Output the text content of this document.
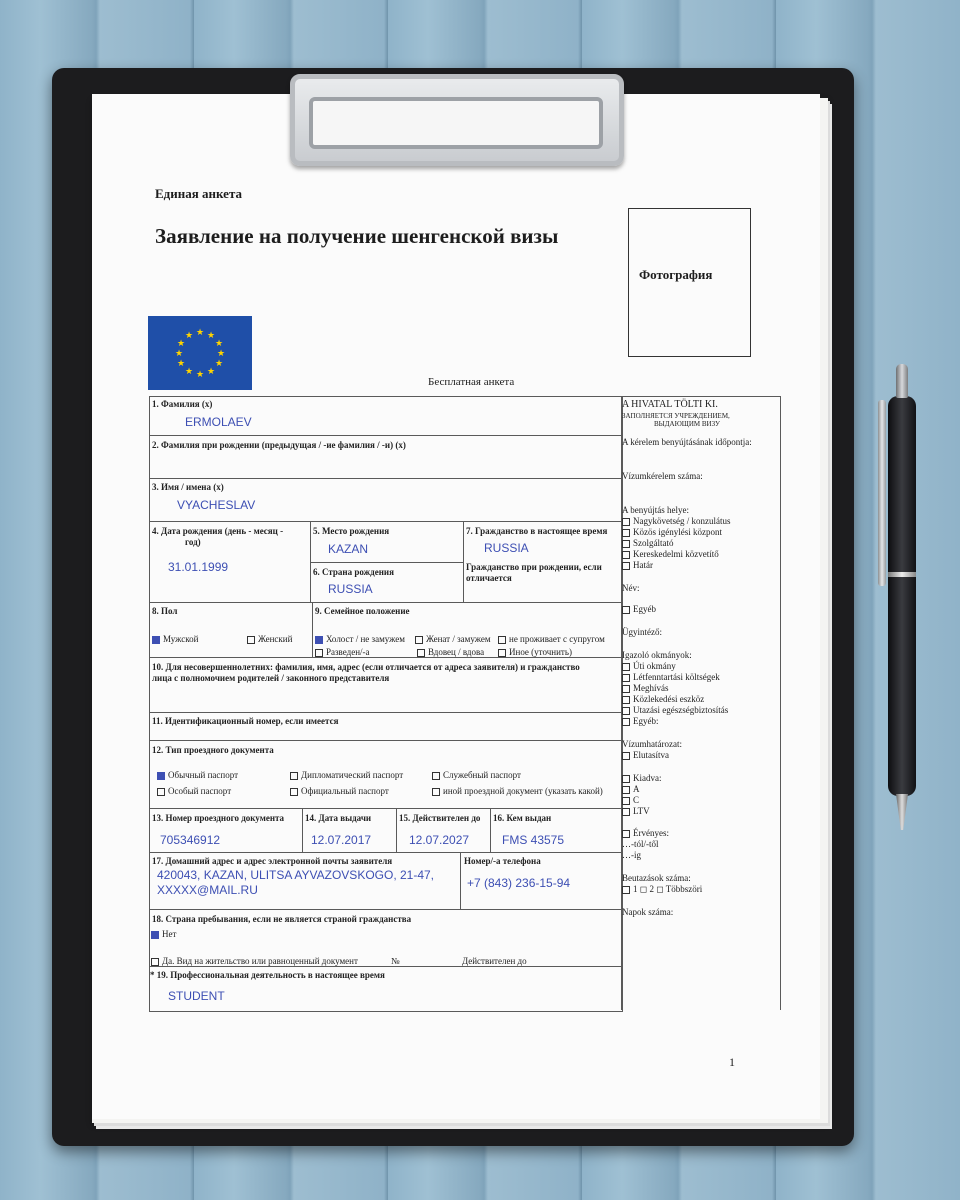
Единая анкета
Заявление на получение шенгенской визы
Фотография
★ ★
★
★
★
★
★
★
★
★
★
★
Бесплатная анкета
1. Фамилия (x)
ERMOLAEV
2. Фамилия при рождении (предыдущая / -ие фамилия / -и) (x)
3. Имя / имена (x)
VYACHESLAV
4. Дата рождения (день - месяц -
год)
31.01.1999
5. Место рождения
KAZAN
6. Страна рождения
RUSSIA
7. Гражданство в настоящее время
RUSSIA
Гражданство при рождении, если
отличается
8. Пол
Мужской	Женский
9. Семейное положение
Холост / не замужем	Женат / замужем	не проживает с супругом
Разведен/-а	Вдовец / вдова	Иное (уточнить)
10. Для несовершеннолетних: фамилия, имя, адрес (если отличается от адреса заявителя) и гражданство
лица с полномочием родителей / законного представителя
11. Идентификационный номер, если имеется
12. Тип проездного документа
Обычный паспорт	Дипломатический паспорт	Служебный паспорт
Особый паспорт	Официальный паспорт	иной проездной документ (указать какой)
13. Номер проездного документа
705346912
14. Дата выдачи
12.07.2017
15. Действителен до
12.07.2027
16. Кем выдан
FMS 43575
17. Домашний адрес и адрес электронной почты заявителя
420043, KAZAN, ULITSA AYVAZOVSKOGO, 21-47,
XXXXX@MAIL.RU
Номер/-а телефона
+7 (843) 236-15-94
18. Страна пребывания, если не является страной гражданства
Нет
Да. Вид на жительство или равноценный документ	№	Действителен до
* 19. Профессиональная деятельность в настоящее время
STUDENT
A HIVATAL TÖLTI KI.
ЗАПОЛНЯЕТСЯ УЧРЕЖДЕНИЕМ,
ВЫДАЮЩИМ ВИЗУ
A kérelem benyújtásának időpontja:
Vízumkérelem száma:
A benyújtás helye:
Nagykövetség / konzulátus
Közös igénylési központ
Szolgáltató
Kereskedelmi közvetítő
Határ
Név:
Egyéb
Ügyintéző:
Igazoló okmányok:
Úti okmány
Létfenntartási költségek
Meghívás
Közlekedési eszköz
Utazási egészségbiztosítás
Egyéb:
Vízumhatározat:
Elutasítva
Kiadva:
A
C
LTV
Érvényes:
…-tól/-től
…-ig
Beutazások száma:
1 ◻ 2 ◻ Többszöri
Napok száma:
1
